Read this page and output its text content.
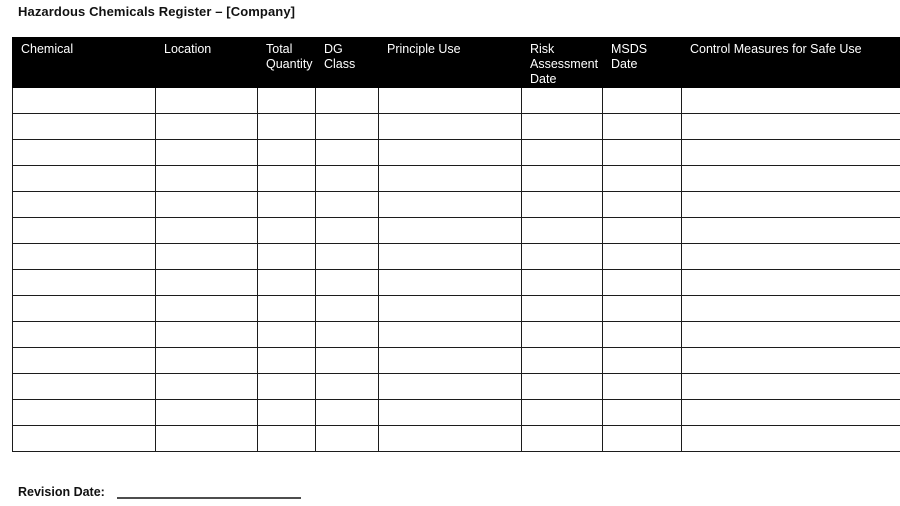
Hazardous Chemicals Register – [Company]
Chemical	Location	Total Quantity	DG Class	Principle Use	Risk Assessment Date	MSDS Date	Control Measures for Safe Use

Revision Date:
